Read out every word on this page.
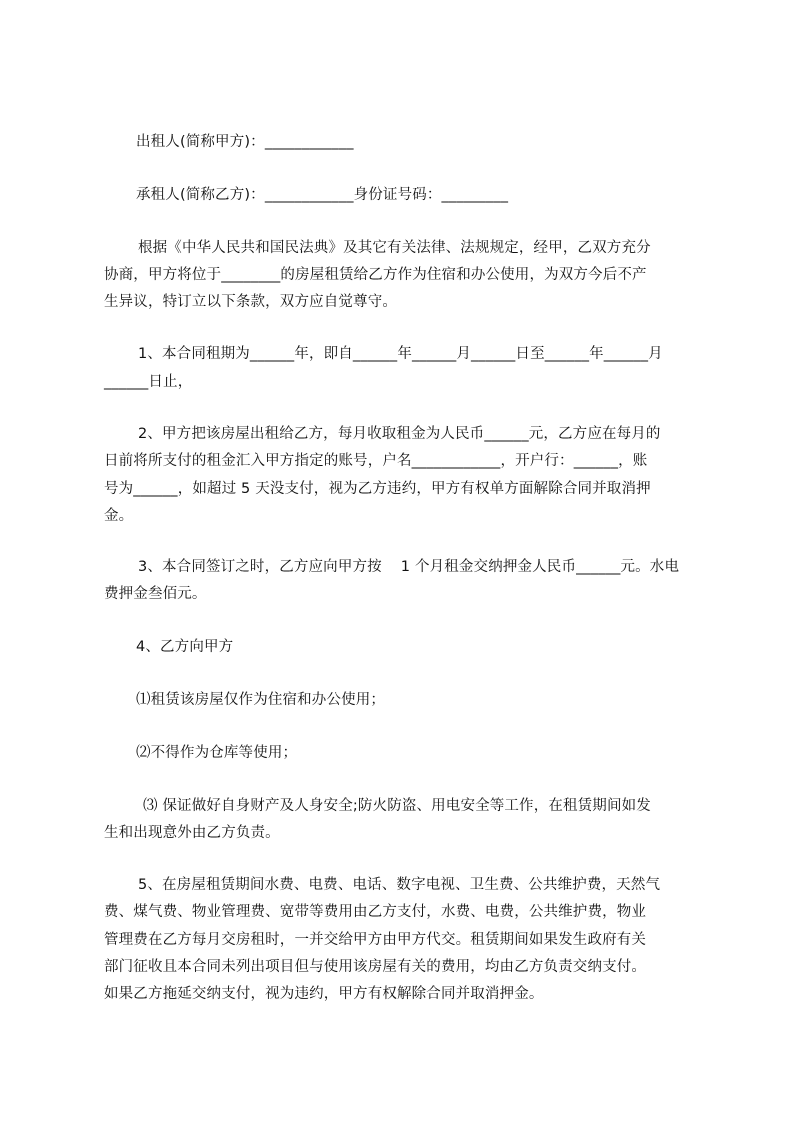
出租人(简称甲方)：____________
承租人(简称乙方)：____________身份证号码：_________
根据《中华人民共和国民法典》及其它有关法律、法规规定，经甲，乙双方充分
协商，甲方将位于________的房屋租赁给乙方作为住宿和办公使用，为双方今后不产
生异议，特订立以下条款，双方应自觉尊守。
1、本合同租期为______年，即自______年______月______日至______年______月
______日止，
2、甲方把该房屋出租给乙方，每月收取租金为人民币______元，乙方应在每月的
日前将所支付的租金汇入甲方指定的账号，户名____________，开户行：______，账
号为______，如超过 5 天没支付，视为乙方违约，甲方有权单方面解除合同并取消押
金。
3、本合同签订之时，乙方应向甲方按    1 个月租金交纳押金人民币______元。水电
费押金叁佰元。
4、乙方向甲方
⑴租赁该房屋仅作为住宿和办公使用；
⑵不得作为仓库等使用；
⑶ 保证做好自身财产及人身安全;防火防盗、用电安全等工作，在租赁期间如发
生和出现意外由乙方负责。
5、在房屋租赁期间水费、电费、电话、数字电视、卫生费、公共维护费，天然气
费、煤气费、物业管理费、宽带等费用由乙方支付，水费、电费，公共维护费，物业
管理费在乙方每月交房租时，一并交给甲方由甲方代交。租赁期间如果发生政府有关
部门征收且本合同未列出项目但与使用该房屋有关的费用，均由乙方负责交纳支付。
如果乙方拖延交纳支付，视为违约，甲方有权解除合同并取消押金。
